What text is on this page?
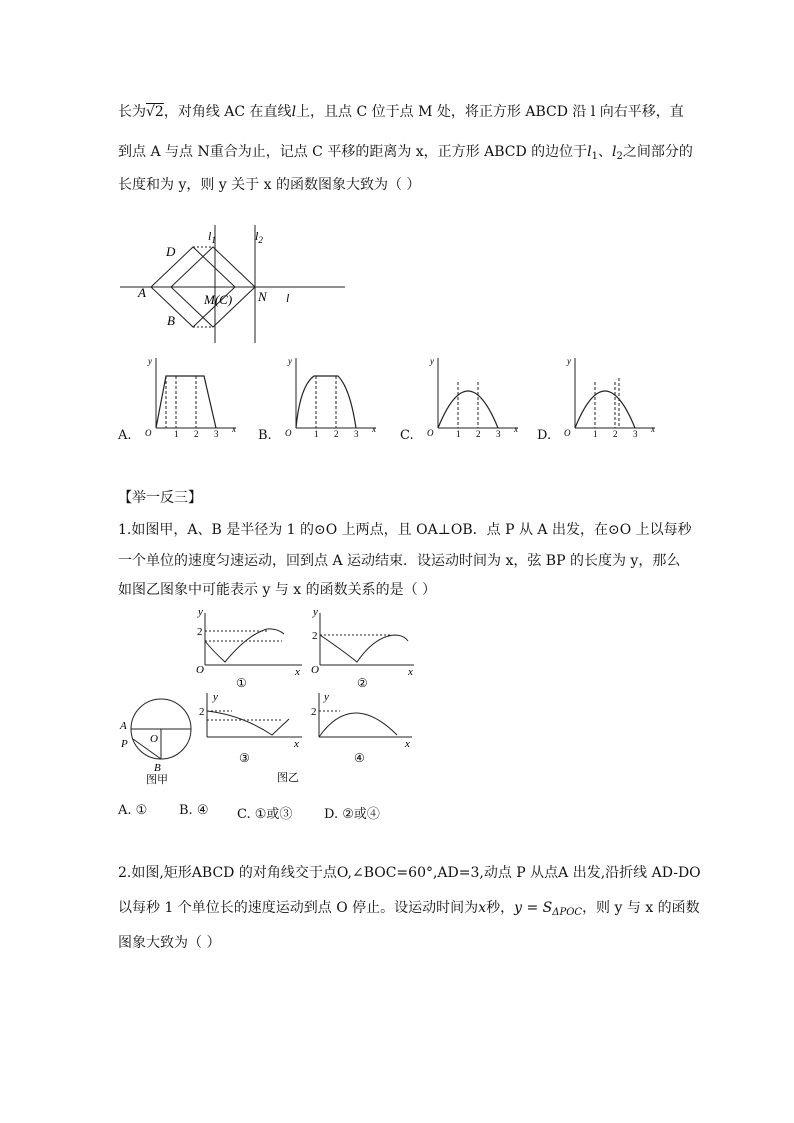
长为√2，对角线 AC 在直线l上，且点 C 位于点 M 处，将正方形 ABCD 沿 l 向右平移，直
到点 A 与点 N重合为止，记点 C 平移的距离为 x，正方形 ABCD 的边位于$l_1$、$l_2$之间部分的
长度和为 y，则 y 关于 x 的函数图象大致为（ ）
$l_1$	$l_2$
D
A
B
M(C) N l
A.
y
x
O	1 2 3	B.
y
x
O	1 2 3	C.
y
x
O	1 2 3	D.
y
x
O	1 2 3
【举一反三】
1.如图甲，A、B 是半径为 1 的⊙O 上两点，且 OA⊥OB．点 P 从 A 出发，在⊙O 上以每秒
一个单位的速度匀速运动，回到点 A 运动结束．设运动时间为 x，弦 BP 的长度为 y，那么
如图乙图象中可能表示 y 与 x 的函数关系的是（ ）
y
x
O
2
①
y
x
O
2
②
A
P O
B
图甲
y
x
2
③
图乙
y
x
2
④
A. ① B. ④ C. ①或③ D. ②或④
2.如图,矩形ABCD 的对角线交于点O,∠BOC=60°,AD=3,动点 P 从点A 出发,沿折线 AD-DO
以每秒 1 个单位长的速度运动到点 O 停止。设运动时间为x秒，$y = S_{\Delta POC}$，则 y 与 x 的函数
图象大致为（ ）
